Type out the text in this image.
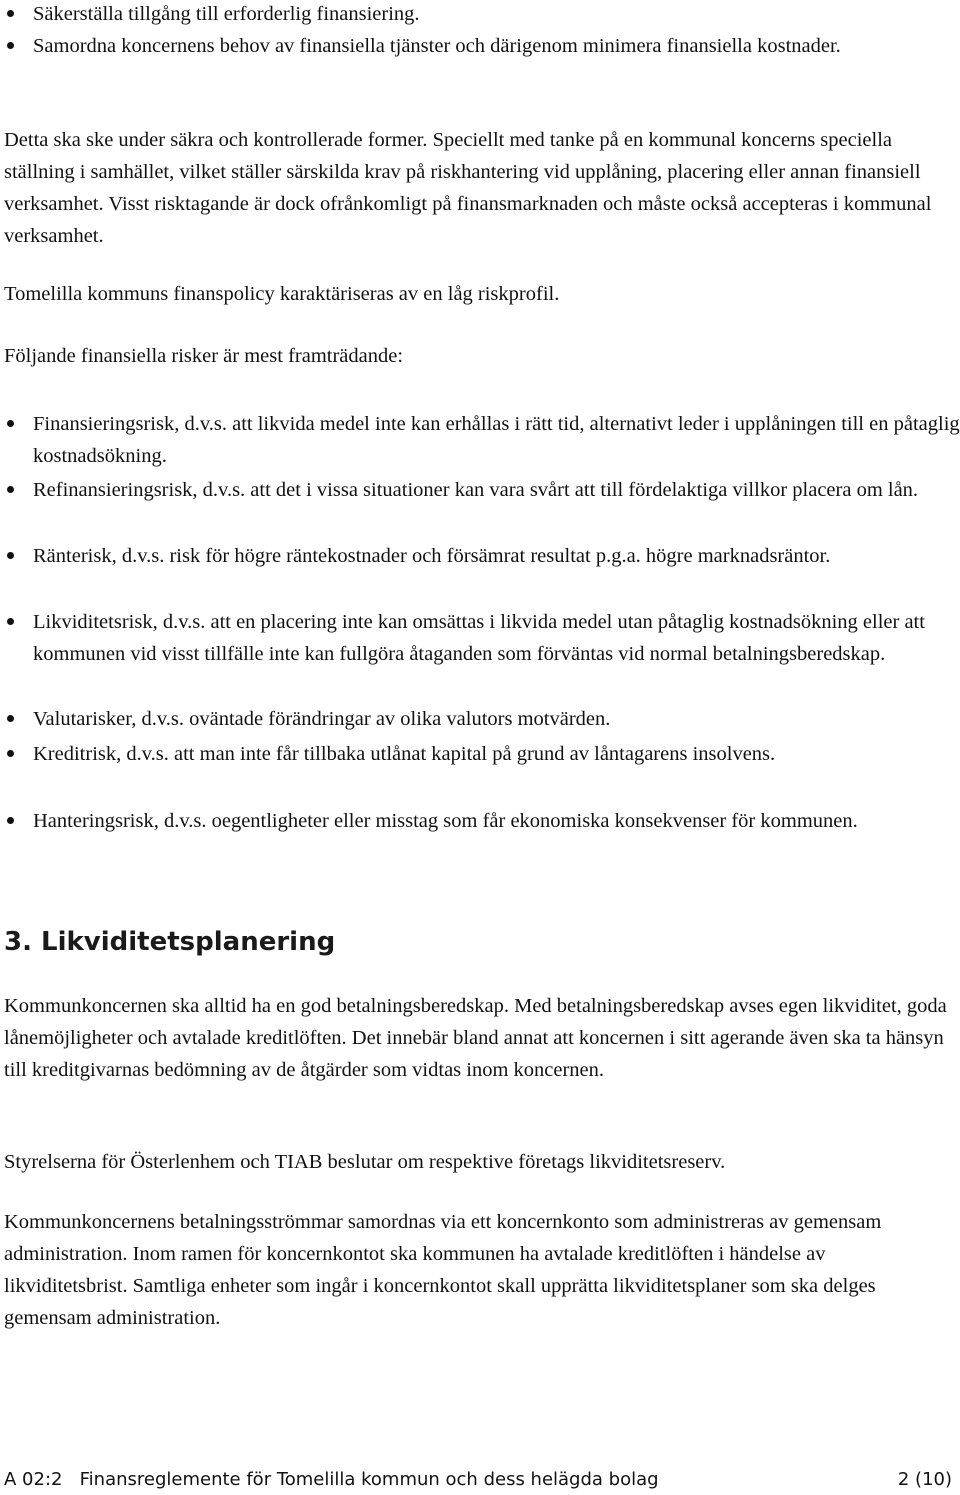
Säkerställa tillgång till erforderlig finansiering.
Samordna koncernens behov av finansiella tjänster och därigenom minimera finansiella kostnader.

Detta ska ske under säkra och kontrollerade former. Speciellt med tanke på en kommunal koncerns speciella ställning i samhället, vilket ställer särskilda krav på riskhantering vid upplåning, placering eller annan finansiell verksamhet. Visst risktagande är dock ofrånkomligt på finansmarknaden och måste också accepteras i kommunal verksamhet.

Tomelilla kommuns finanspolicy karaktäriseras av en låg riskprofil.

Följande finansiella risker är mest framträdande:

Finansieringsrisk, d.v.s. att likvida medel inte kan erhållas i rätt tid, alternativt leder i upplåningen till en påtaglig kostnadsökning.
Refinansieringsrisk, d.v.s. att det i vissa situationer kan vara svårt att till fördelaktiga villkor placera om lån.
Ränterisk, d.v.s. risk för högre räntekostnader och försämrat resultat p.g.a. högre marknadsräntor.
Likviditetsrisk, d.v.s. att en placering inte kan omsättas i likvida medel utan påtaglig kostnadsökning eller att kommunen vid visst tillfälle inte kan fullgöra åtaganden som förväntas vid normal betalningsberedskap.
Valutarisker, d.v.s. oväntade förändringar av olika valutors motvärden.
Kreditrisk, d.v.s. att man inte får tillbaka utlånat kapital på grund av låntagarens insolvens.
Hanteringsrisk, d.v.s. oegentligheter eller misstag som får ekonomiska konsekvenser för kommunen.
3. Likviditetsplanering

Kommunkoncernen ska alltid ha en god betalningsberedskap. Med betalningsberedskap avses egen likviditet, goda lånemöjligheter och avtalade kreditlöften. Det innebär bland annat att koncernen i sitt agerande även ska ta hänsyn till kreditgivarnas bedömning av de åtgärder som vidtas inom koncernen.

Styrelserna för Österlenhem och TIAB beslutar om respektive företags likviditetsreserv.

Kommunkoncernens betalningsströmmar samordnas via ett koncernkonto som administreras av gemensam administration. Inom ramen för koncernkontot ska kommunen ha avtalade kreditlöften i händelse av likviditetsbrist. Samtliga enheter som ingår i koncernkontot skall upprätta likviditetsplaner som ska delges gemensam administration.

A 02:2   Finansreglemente för Tomelilla kommun och dess helägda bolag	2 (10)
